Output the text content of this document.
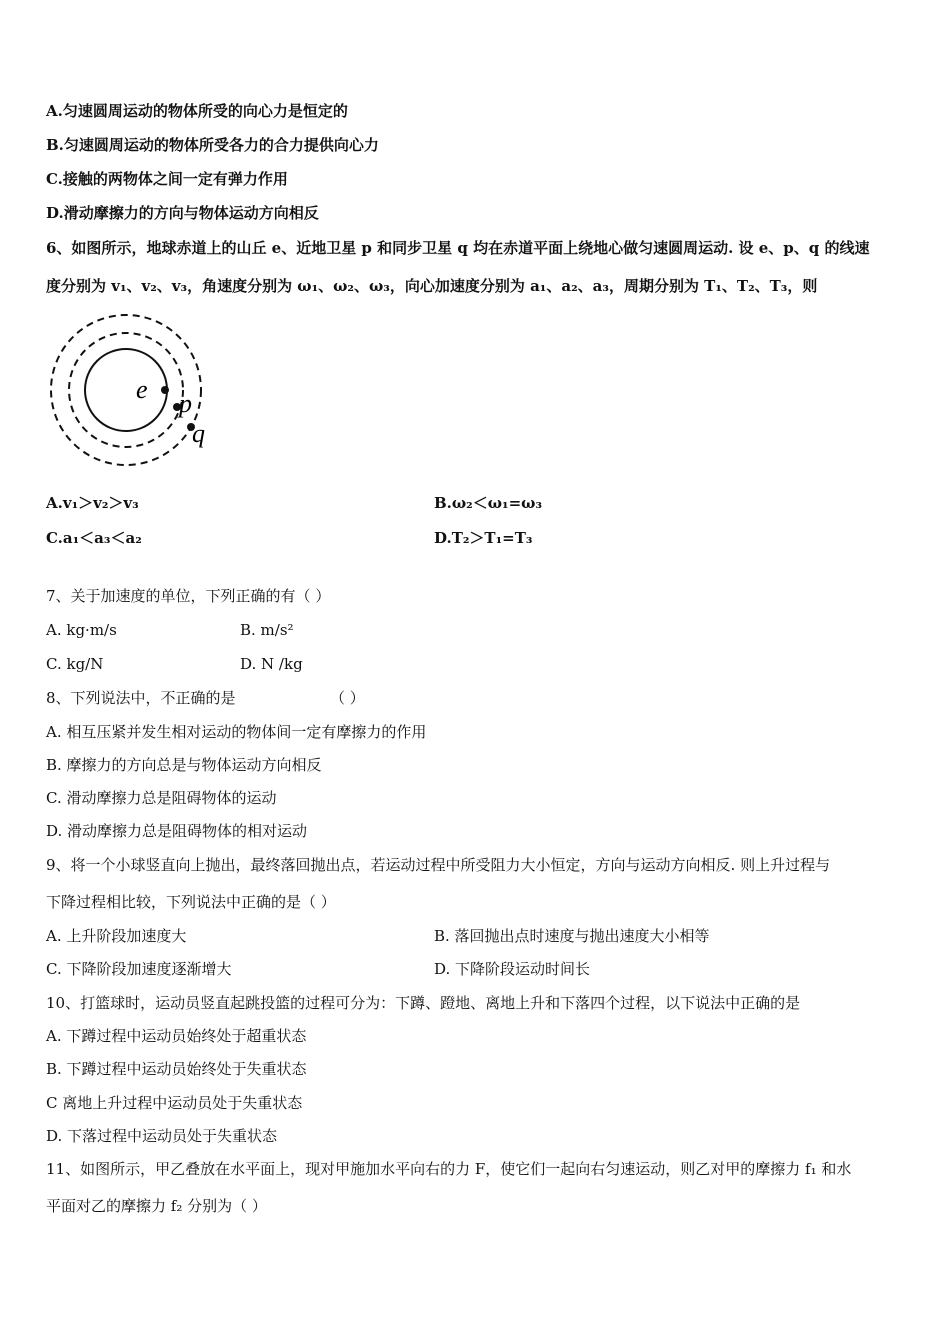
A.匀速圆周运动的物体所受的向心力是恒定的
B.匀速圆周运动的物体所受各力的合力提供向心力
C.接触的两物体之间一定有弹力作用
D.滑动摩擦力的方向与物体运动方向相反
6、如图所示，地球赤道上的山丘 e、近地卫星 p 和同步卫星 q 均在赤道平面上绕地心做匀速圆周运动. 设 e、p、q 的线速
度分别为 v₁、v₂、v₃，角速度分别为 ω₁、ω₂、ω₃，向心加速度分别为 a₁、a₂、a₃，周期分别为 T₁、T₂、T₃，则
e p
q
A.v₁＞v₂＞v₃	B.ω₂＜ω₁=ω₃
C.a₁＜a₃＜a₂	D.T₂＞T₁=T₃
7、关于加速度的单位，下列正确的有（ ）
A. kg·m/s	B. m/s²
C. kg/N	D. N /kg
8、下列说法中，不正确的是	（ ）
A. 相互压紧并发生相对运动的物体间一定有摩擦力的作用
B. 摩擦力的方向总是与物体运动方向相反
C. 滑动摩擦力总是阻碍物体的运动
D. 滑动摩擦力总是阻碍物体的相对运动
9、将一个小球竖直向上抛出，最终落回抛出点，若运动过程中所受阻力大小恒定，方向与运动方向相反. 则上升过程与
下降过程相比较，下列说法中正确的是（ ）
A. 上升阶段加速度大	B. 落回抛出点时速度与抛出速度大小相等
C. 下降阶段加速度逐渐增大	D. 下降阶段运动时间长
10、打篮球时，运动员竖直起跳投篮的过程可分为：下蹲、蹬地、离地上升和下落四个过程，以下说法中正确的是
A. 下蹲过程中运动员始终处于超重状态
B. 下蹲过程中运动员始终处于失重状态
C 离地上升过程中运动员处于失重状态
D. 下落过程中运动员处于失重状态
11、如图所示，甲乙叠放在水平面上，现对甲施加水平向右的力 F，使它们一起向右匀速运动，则乙对甲的摩擦力 f₁ 和水
平面对乙的摩擦力 f₂ 分别为（ ）
